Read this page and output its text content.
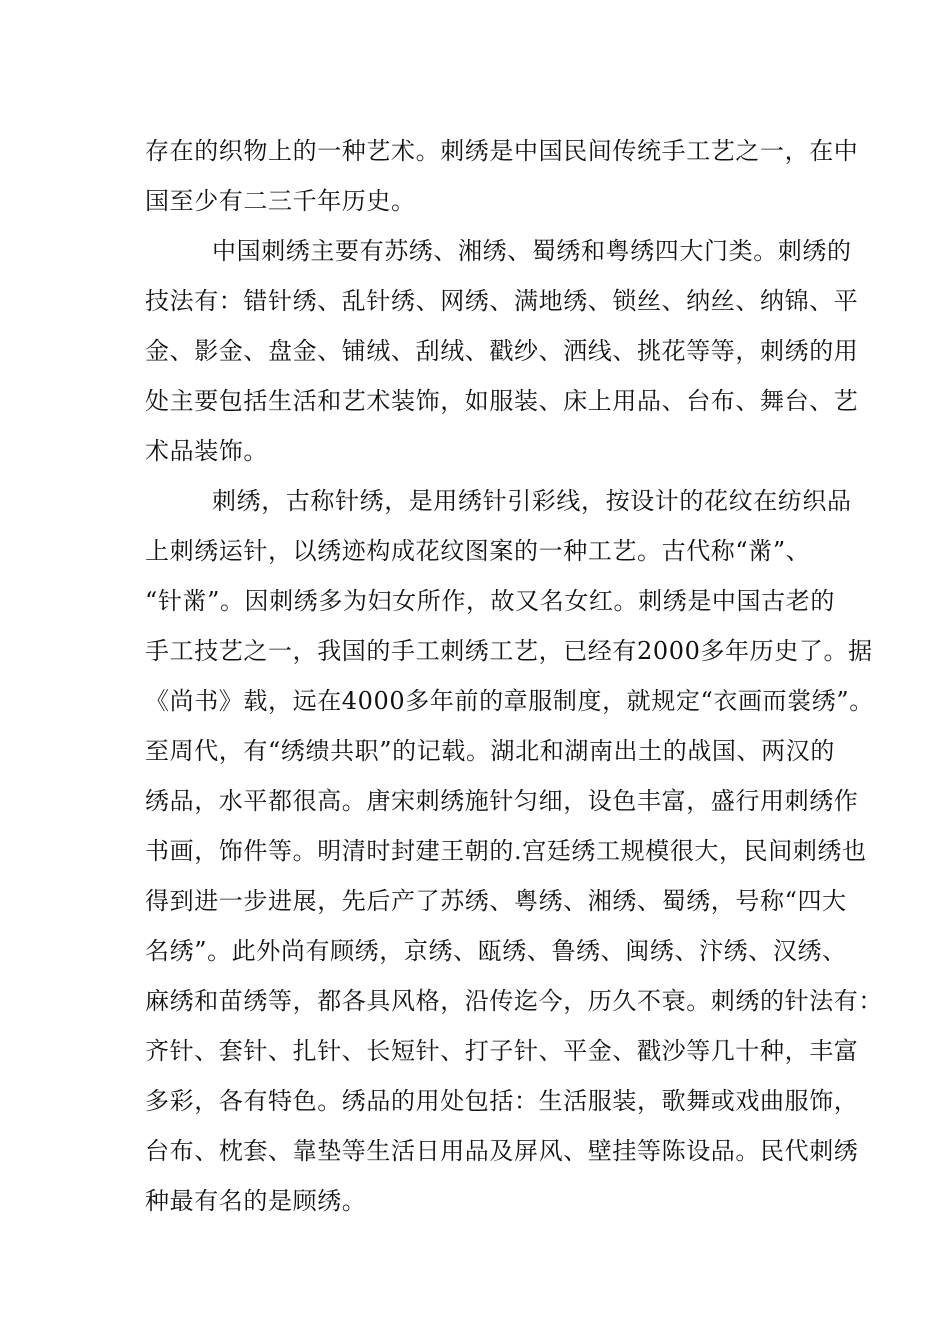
存在的织物上的一种艺术。刺绣是中国民间传统手工艺之一，在中
国至少有二三千年历史。
中国刺绣主要有苏绣、湘绣、蜀绣和粤绣四大门类。刺绣的
技法有：错针绣、乱针绣、网绣、满地绣、锁丝、纳丝、纳锦、平
金、影金、盘金、铺绒、刮绒、戳纱、洒线、挑花等等，刺绣的用
处主要包括生活和艺术装饰，如服装、床上用品、台布、舞台、艺
术品装饰。
刺绣，古称针绣，是用绣针引彩线，按设计的花纹在纺织品
上刺绣运针，以绣迹构成花纹图案的一种工艺。古代称“黹”、
“针黹”。因刺绣多为妇女所作，故又名女红。刺绣是中国古老的
手工技艺之一，我国的手工刺绣工艺，已经有2000多年历史了。据
《尚书》载，远在4000多年前的章服制度，就规定“衣画而裳绣”。
至周代，有“绣缋共职”的记载。湖北和湖南出土的战国、两汉的
绣品，水平都很高。唐宋刺绣施针匀细，设色丰富，盛行用刺绣作
书画，饰件等。明清时封建王朝的.宫廷绣工规模很大，民间刺绣也
得到进一步进展，先后产了苏绣、粤绣、湘绣、蜀绣，号称“四大
名绣”。此外尚有顾绣，京绣、瓯绣、鲁绣、闽绣、汴绣、汉绣、
麻绣和苗绣等，都各具风格，沿传迄今，历久不衰。刺绣的针法有：
齐针、套针、扎针、长短针、打子针、平金、戳沙等几十种，丰富
多彩，各有特色。绣品的用处包括：生活服装，歌舞或戏曲服饰，
台布、枕套、靠垫等生活日用品及屏风、壁挂等陈设品。民代刺绣
种最有名的是顾绣。
